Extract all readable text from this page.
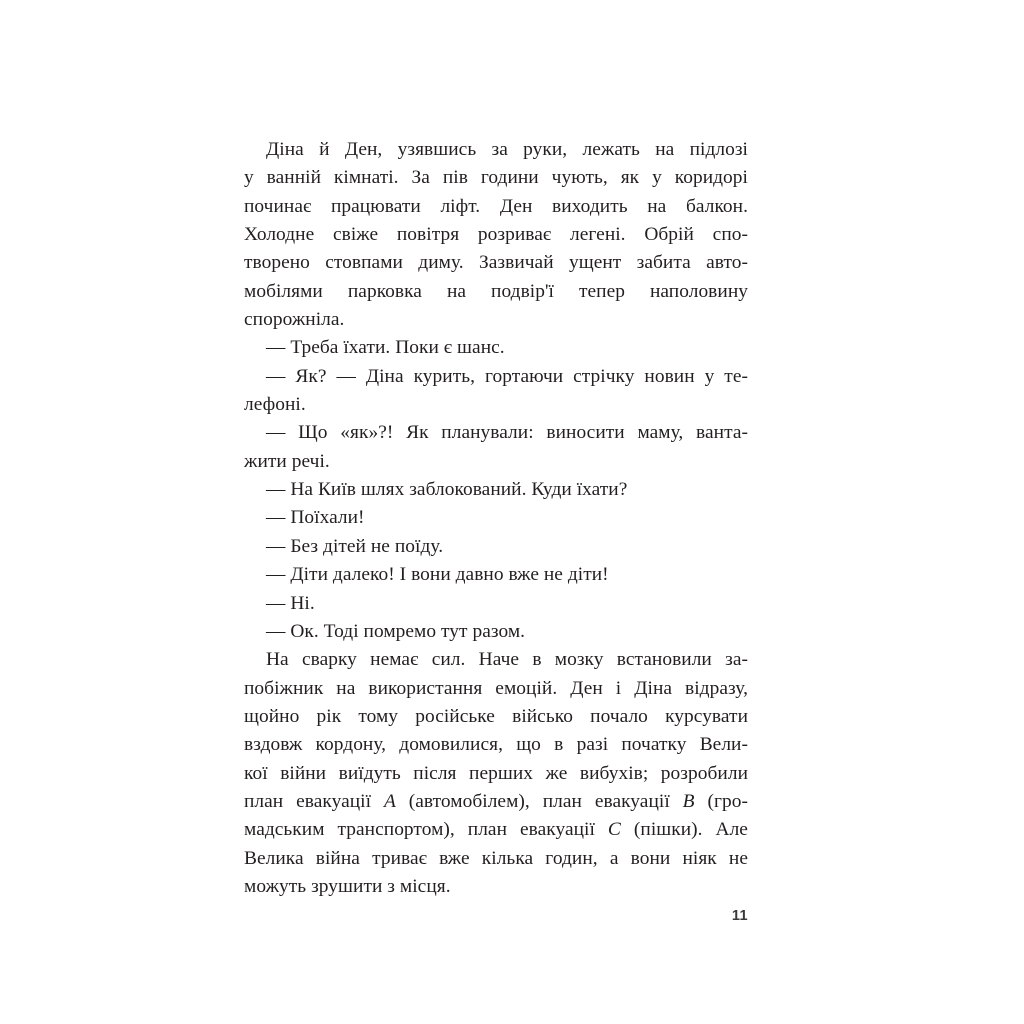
Діна й Ден, узявшись за руки, лежать на підлозі
у ванній кімнаті. За пів години чують, як у коридорі
починає працювати ліфт. Ден виходить на балкон.
Холодне свіже повітря розриває легені. Обрій спо-
творено стовпами диму. Зазвичай ущент забита авто-
мобілями парковка на подвір'ї тепер наполовину
спорожніла.

— Треба їхати. Поки є шанс.

— Як? — Діна курить, гортаючи стрічку новин у те-
лефоні.

— Що «як»?! Як планували: виносити маму, ванта-
жити речі.

— На Київ шлях заблокований. Куди їхати?

— Поїхали!

— Без дітей не поїду.

— Діти далеко! І вони давно вже не діти!

— Ні.

— Ок. Тоді помремо тут разом.

На сварку немає сил. Наче в мозку встановили за-
побіжник на використання емоцій. Ден і Діна відразу,
щойно рік тому російське військо почало курсувати
вздовж кордону, домовилися, що в разі початку Вели-
кої війни виїдуть після перших же вибухів; розробили
план евакуації A (автомобілем), план евакуації B (гро-
мадським транспортом), план евакуації C (пішки). Але
Велика війна триває вже кілька годин, а вони ніяк не
можуть зрушити з місця.

11
